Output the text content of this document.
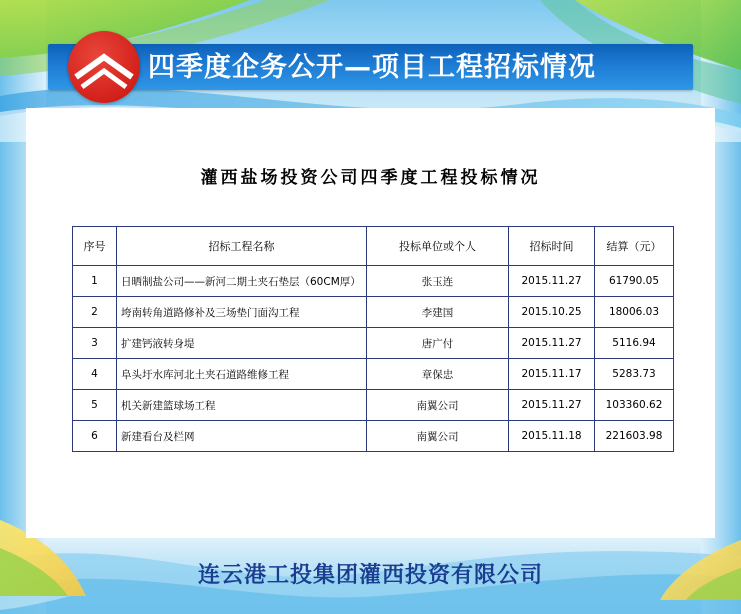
四季度企务公开—项目工程招标情况
灌西盐场投资公司四季度工程投标情况
序号	招标工程名称	投标单位或个人	招标时间	结算（元）
1	日晒制盐公司——新河二期土夹石垫层（60CM厚）	张玉连	2015.11.27	61790.05
2	垮南转角道路修补及三场垫门面沟工程	李建国	2015.10.25	18006.03
3	扩建钙液转身堤	唐广付	2015.11.27	5116.94
4	阜头圩水库河北土夹石道路维修工程	章保忠	2015.11.17	5283.73
5	机关新建篮球场工程	南翼公司	2015.11.27	103360.62
6	新建看台及栏网	南翼公司	2015.11.18	221603.98
连云港工投集团灌西投资有限公司
